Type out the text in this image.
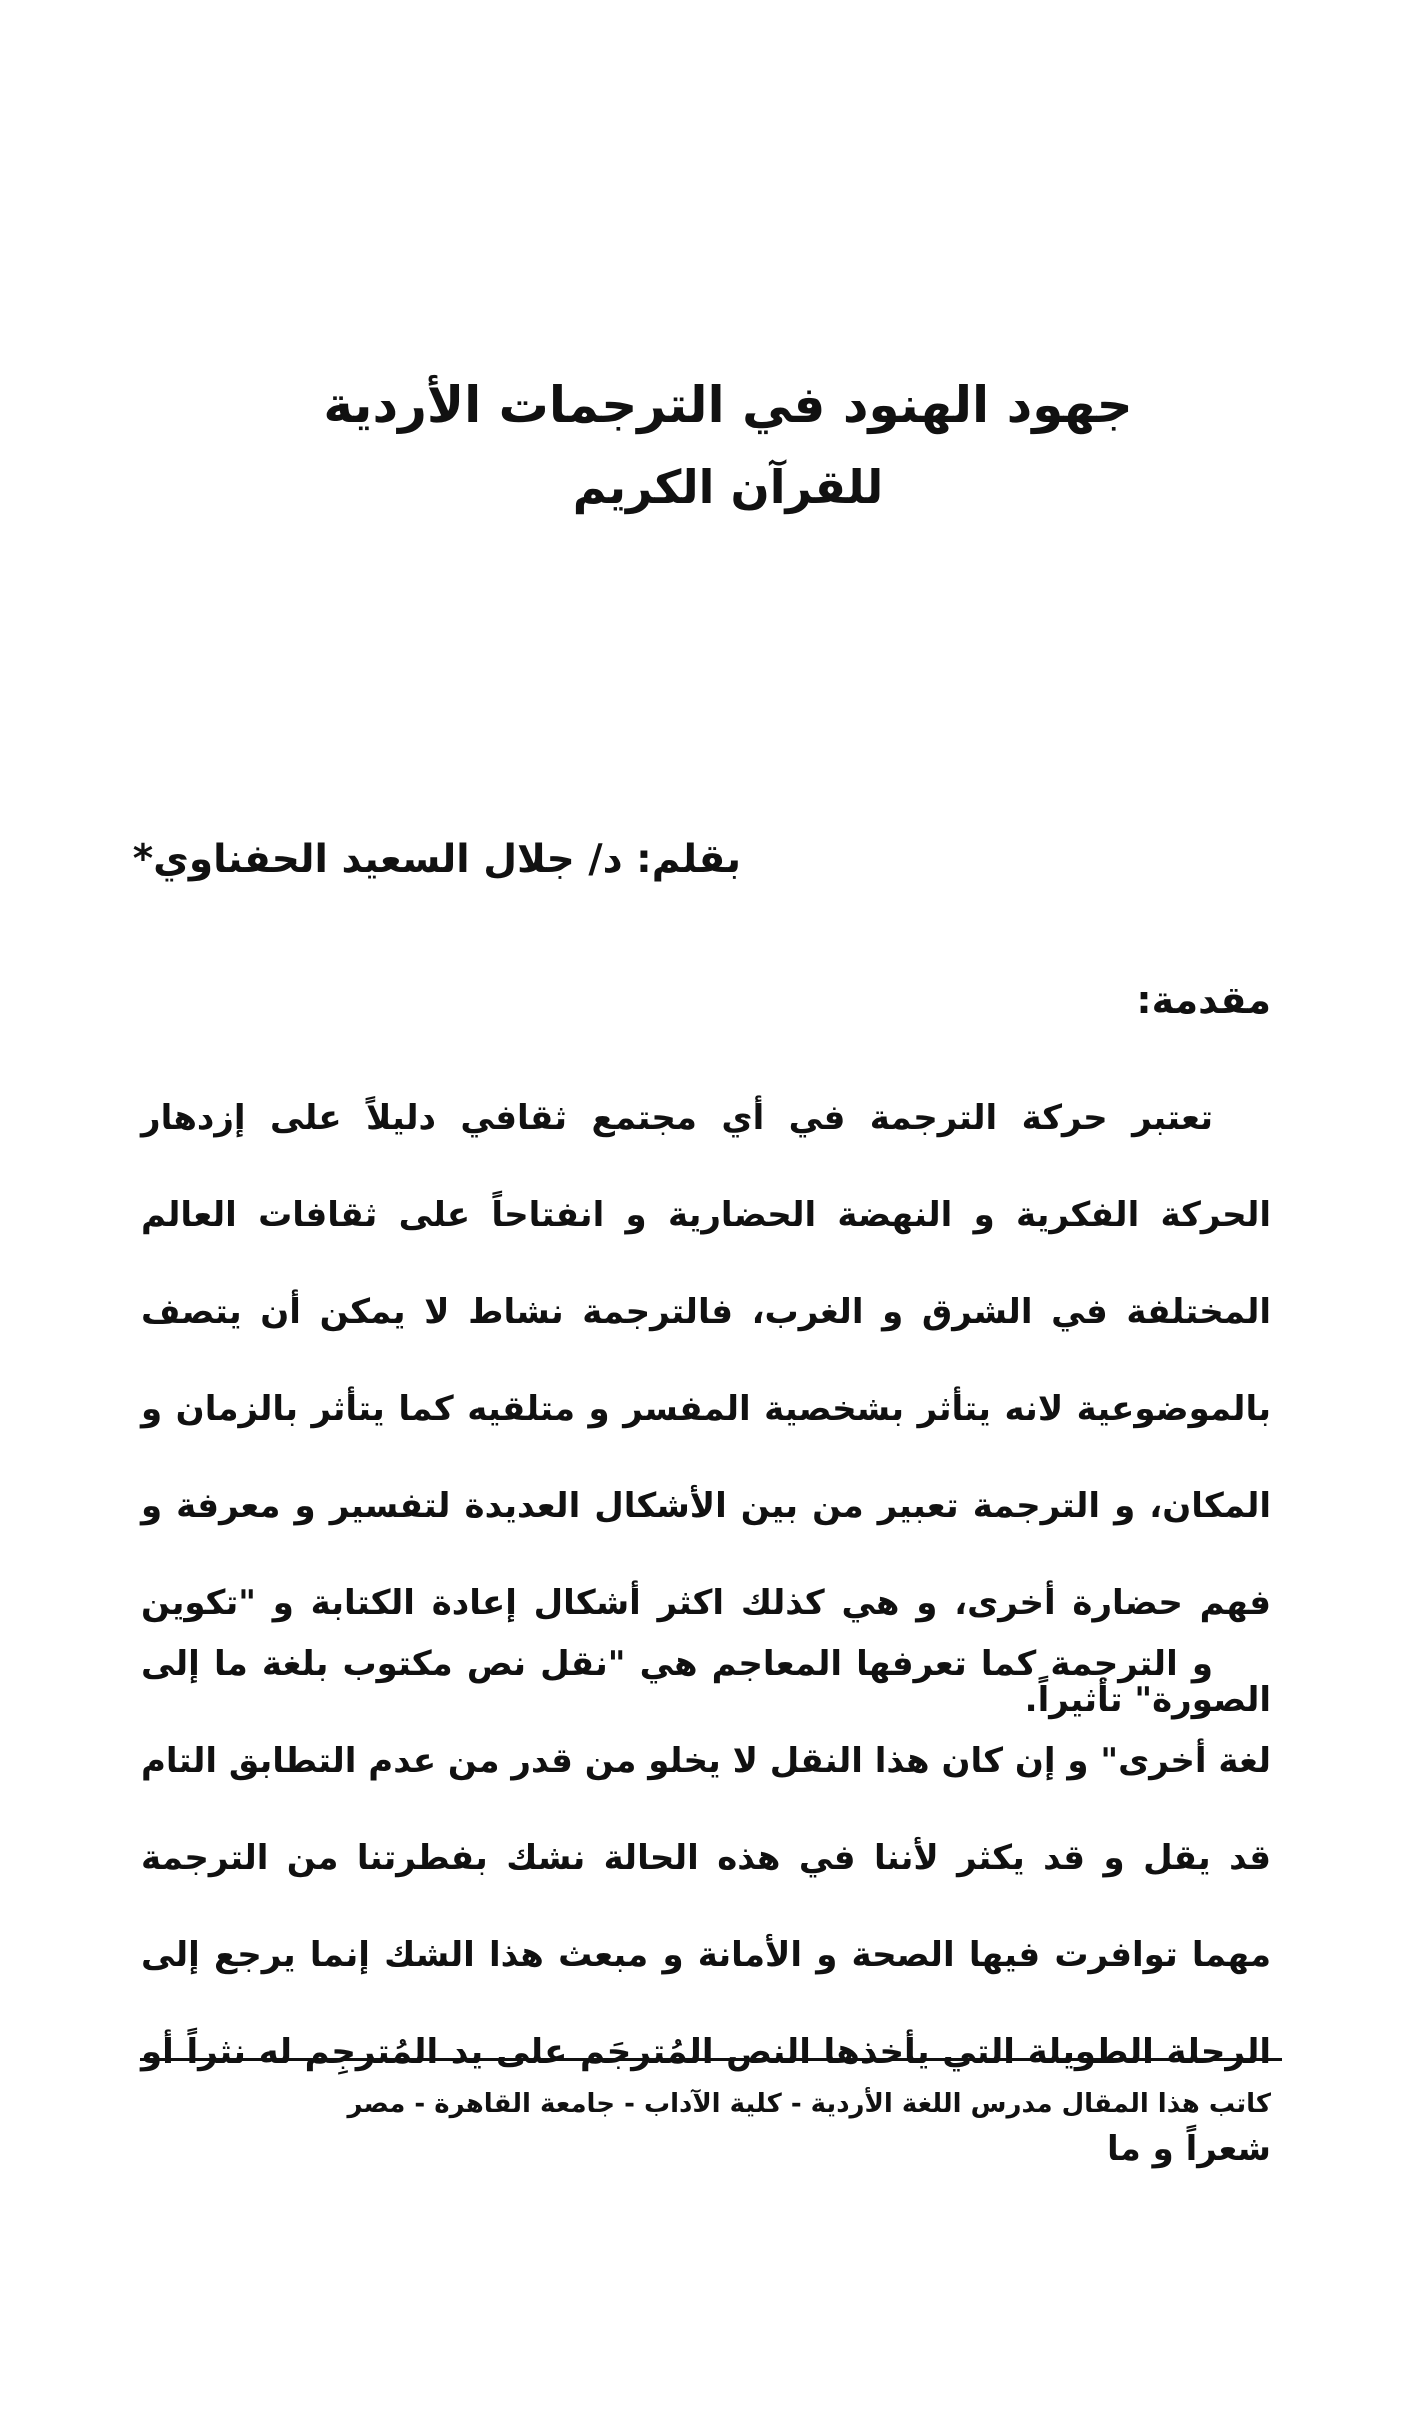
جهود الهنود في الترجمات الأردية
للقرآن الكريم
بقلم: د/ جلال السعيد الحفناوي*
مقدمة:

تعتبر حركة الترجمة في أي مجتمع ثقافي دليلاً على إزدهار الحركة الفكرية و النهضة الحضارية و انفتاحاً على ثقافات العالم المختلفة في الشرق و الغرب، فالترجمة نشاط لا يمكن أن يتصف بالموضوعية لانه يتأثر بشخصية المفسر و متلقيه كما يتأثر بالزمان و المكان، و الترجمة تعبير من بين الأشكال العديدة لتفسير و معرفة و فهم حضارة أخرى، و هي كذلك اكثر أشكال إعادة الكتابة و "تكوين الصورة" تأثيراً.

و الترجمة كما تعرفها المعاجم هي "نقل نص مكتوب بلغة ما إلى لغة أخرى" و إن كان هذا النقل لا يخلو من قدر من عدم التطابق التام قد يقل و قد يكثر لأننا في هذه الحالة نشك بفطرتنا من الترجمة مهما توافرت فيها الصحة و الأمانة و مبعث هذا الشك إنما يرجع إلى الرحلة الطويلة التي يأخذها النص المُترجَم على يد المُترجِم له نثراً أو شعراً و ما

كاتب هذا المقال مدرس اللغة الأردية - كلية الآداب - جامعة القاهرة - مصر
